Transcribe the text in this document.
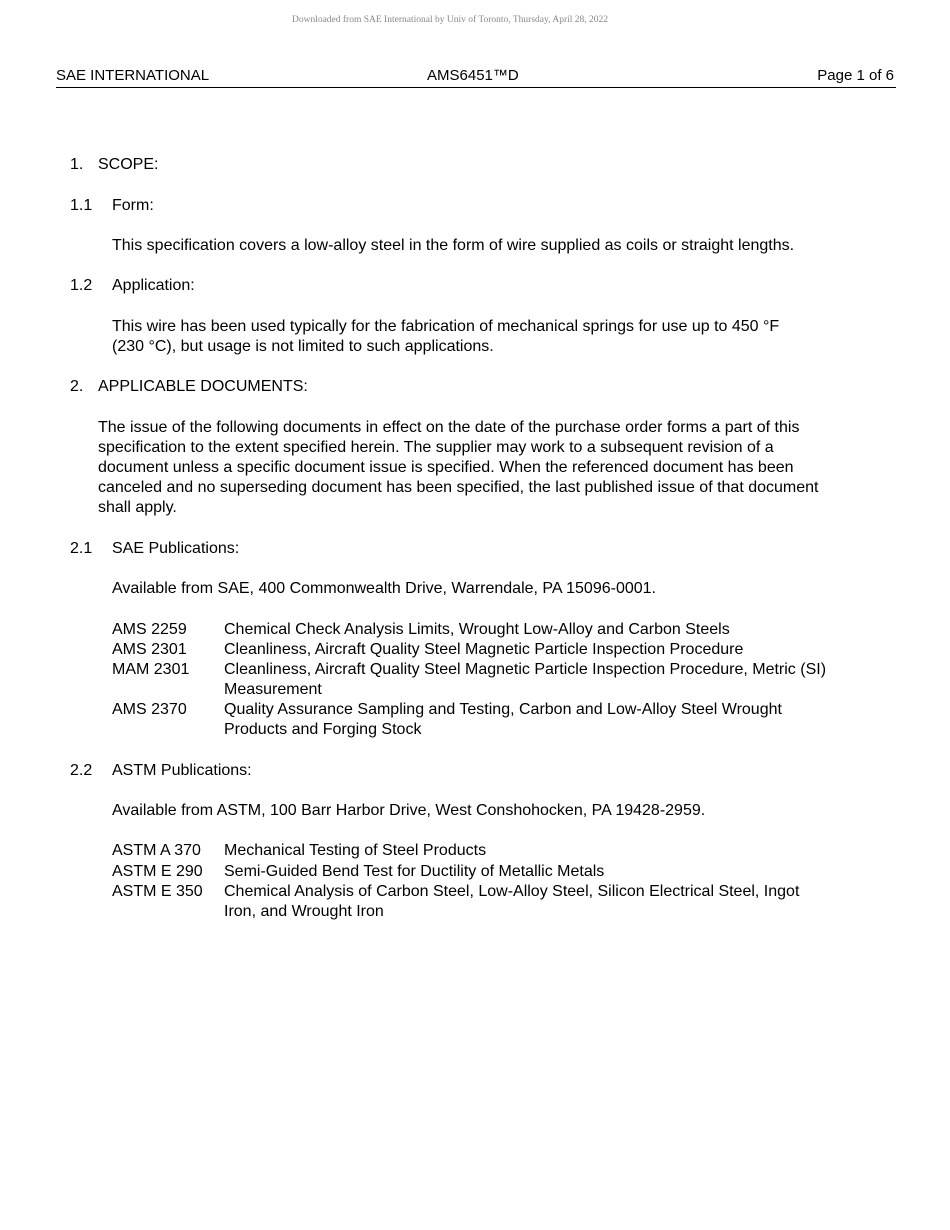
Downloaded from SAE International by Univ of Toronto, Thursday, April 28, 2022
SAE INTERNATIONAL	AMS6451™D	Page 1 of 6
1. SCOPE:
1.1 Form:
This specification covers a low-alloy steel in the form of wire supplied as coils or straight lengths.
1.2 Application:
This wire has been used typically for the fabrication of mechanical springs for use up to 450 °F
(230 °C), but usage is not limited to such applications.
2. APPLICABLE DOCUMENTS:
The issue of the following documents in effect on the date of the purchase order forms a part of this
specification to the extent specified herein. The supplier may work to a subsequent revision of a
document unless a specific document issue is specified. When the referenced document has been
canceled and no superseding document has been specified, the last published issue of that document
shall apply.
2.1 SAE Publications:
Available from SAE, 400 Commonwealth Drive, Warrendale, PA 15096-0001.
AMS 2259 Chemical Check Analysis Limits, Wrought Low-Alloy and Carbon Steels
AMS 2301 Cleanliness, Aircraft Quality Steel Magnetic Particle Inspection Procedure
MAM 2301 Cleanliness, Aircraft Quality Steel Magnetic Particle Inspection Procedure, Metric (SI)
Measurement
AMS 2370 Quality Assurance Sampling and Testing, Carbon and Low-Alloy Steel Wrought
Products and Forging Stock
2.2 ASTM Publications:
Available from ASTM, 100 Barr Harbor Drive, West Conshohocken, PA 19428-2959.
ASTM A 370 Mechanical Testing of Steel Products
ASTM E 290 Semi-Guided Bend Test for Ductility of Metallic Metals
ASTM E 350 Chemical Analysis of Carbon Steel, Low-Alloy Steel, Silicon Electrical Steel, Ingot
Iron, and Wrought Iron
